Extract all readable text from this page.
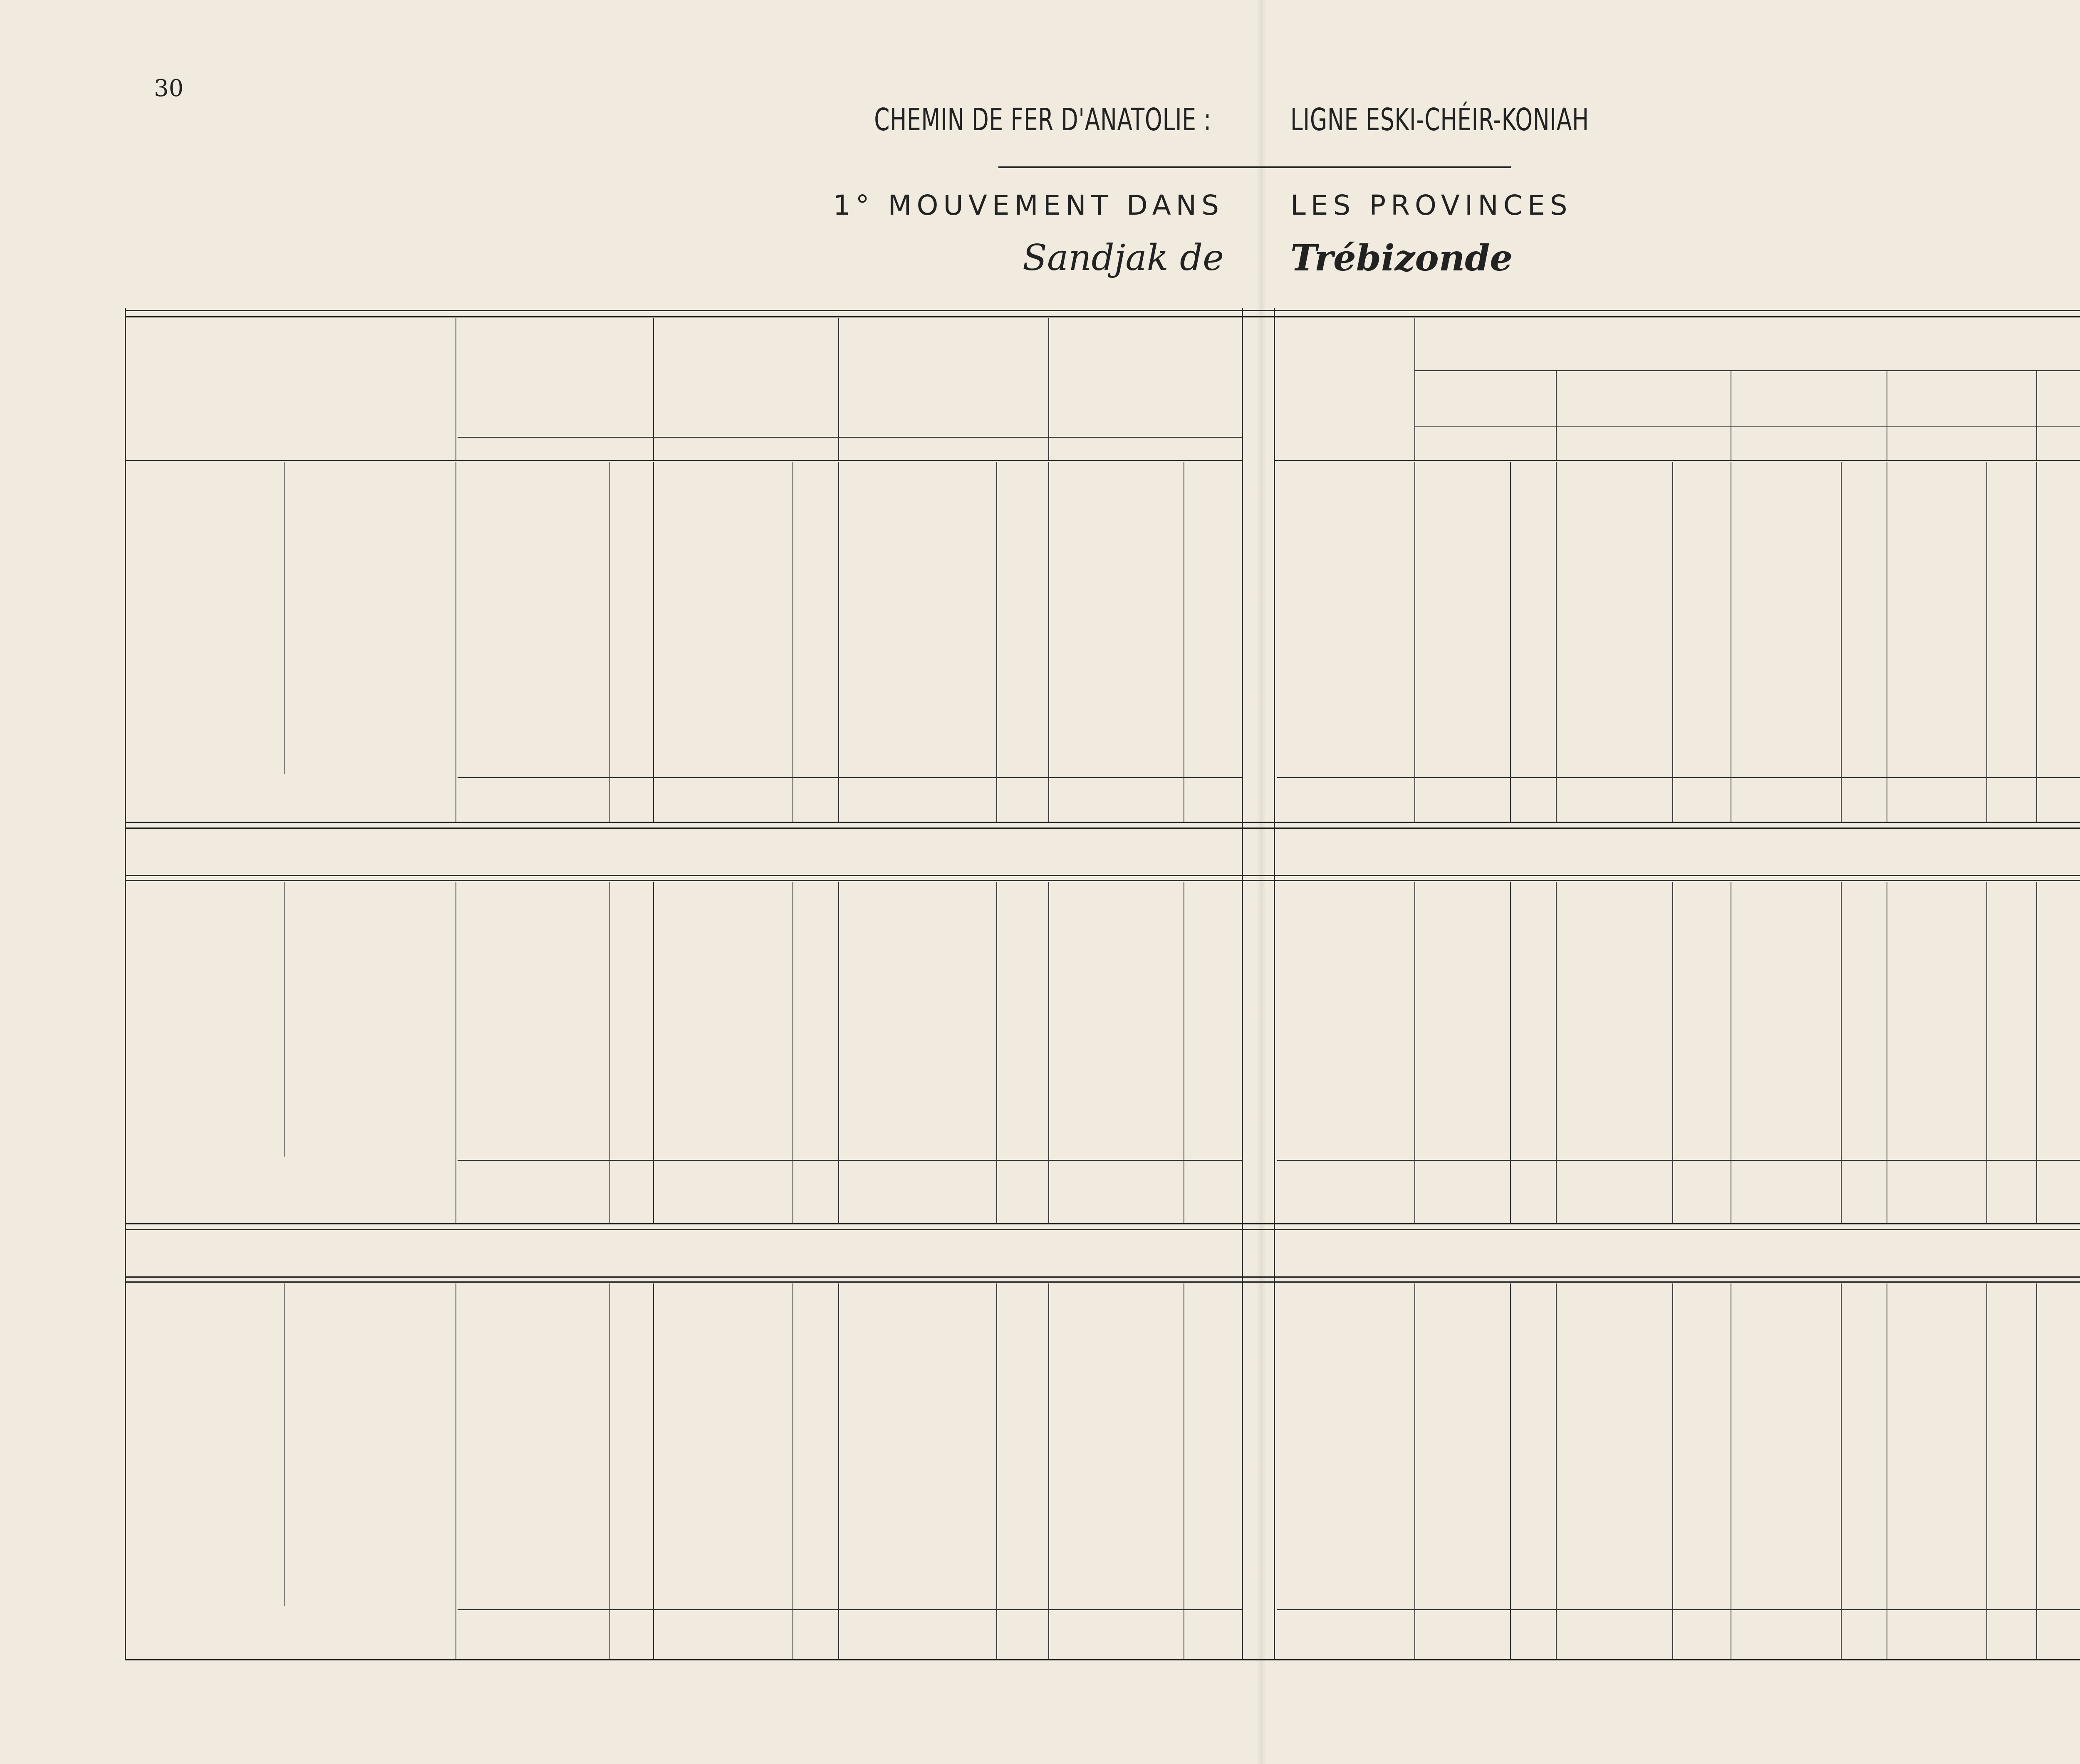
30
CHEMIN DE FER D'ANATOLIE :
1° MOUVEMENT DANS
Sandjak de
LIGNE ESKI-CHÉIR-KONIAH
LES PROVINCES
Trébizonde
